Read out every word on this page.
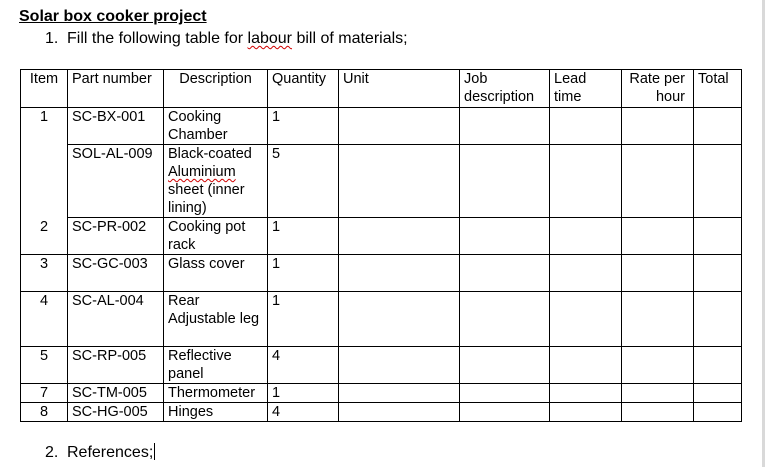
Solar box cooker project
1. Fill the following table for labour bill of materials;
Item	Part number	Description	Quantity	Unit	Job description	Lead time	Rate per hour	Total
1	SC-BX-001	Cooking Chamber	1					
	SOL-AL-009	Black-coated Aluminium sheet (inner lining)	5					
2	SC-PR-002	Cooking pot rack	1					
3	SC-GC-003	Glass cover	1					
4	SC-AL-004	Rear Adjustable leg	1					
5	SC-RP-005	Reflective panel	4					
7	SC-TM-005	Thermometer	1					
8	SC-HG-005	Hinges	4					
2. References;
